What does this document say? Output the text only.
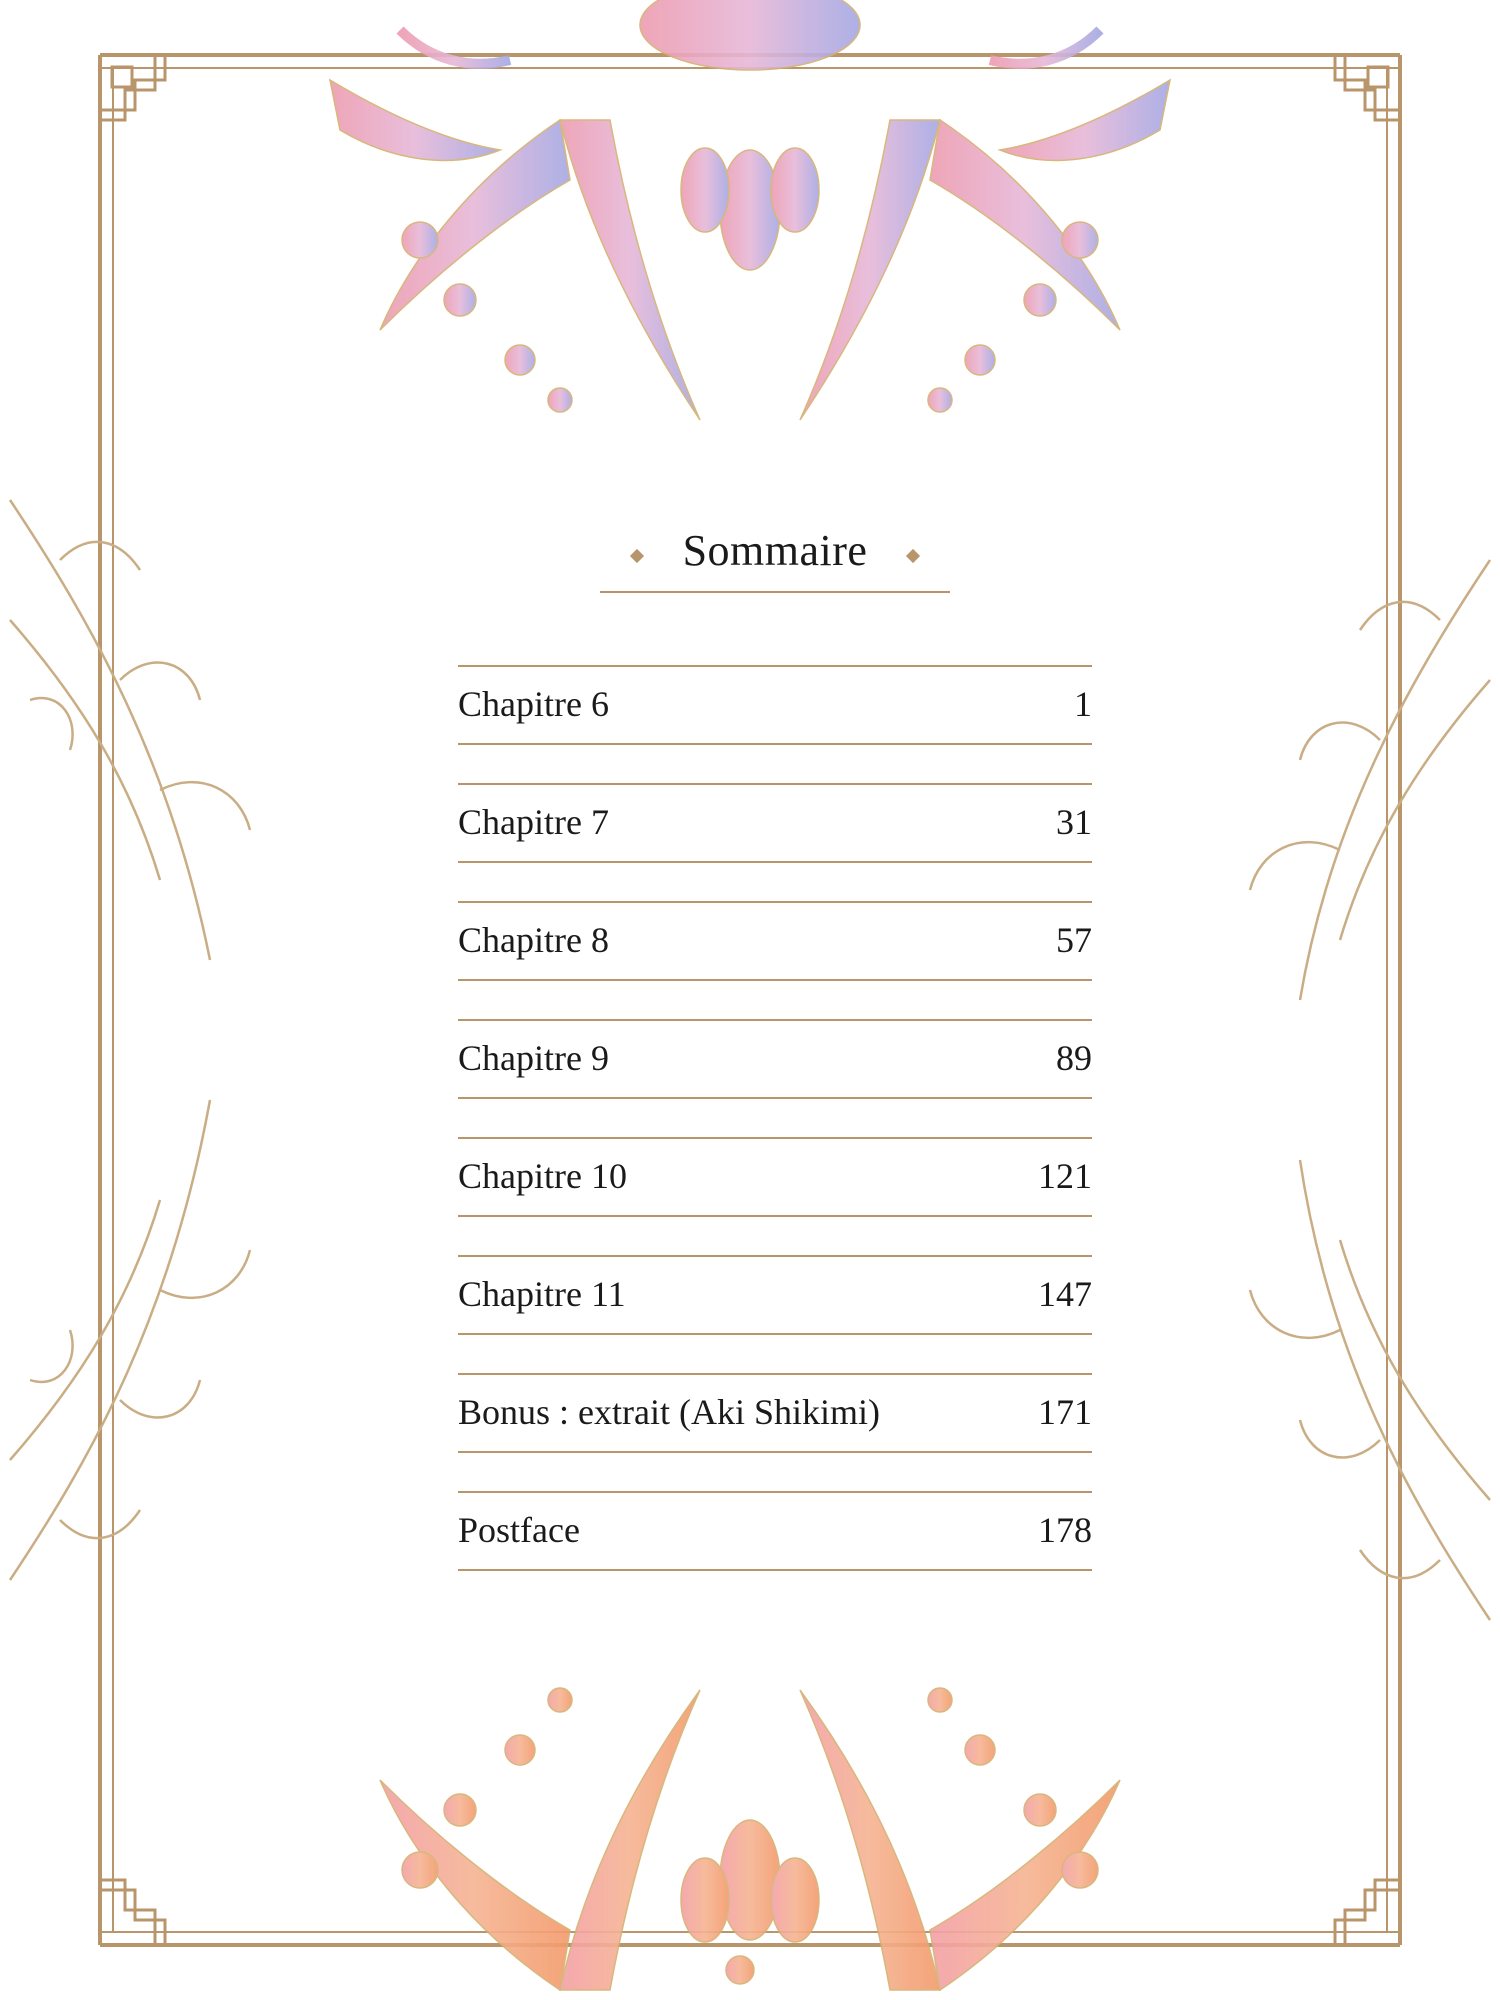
Sommaire
Chapitre 6	1
Chapitre 7	31
Chapitre 8	57
Chapitre 9	89
Chapitre 10	121
Chapitre 11	147
Bonus : extrait (Aki Shikimi)	171
Postface	178
